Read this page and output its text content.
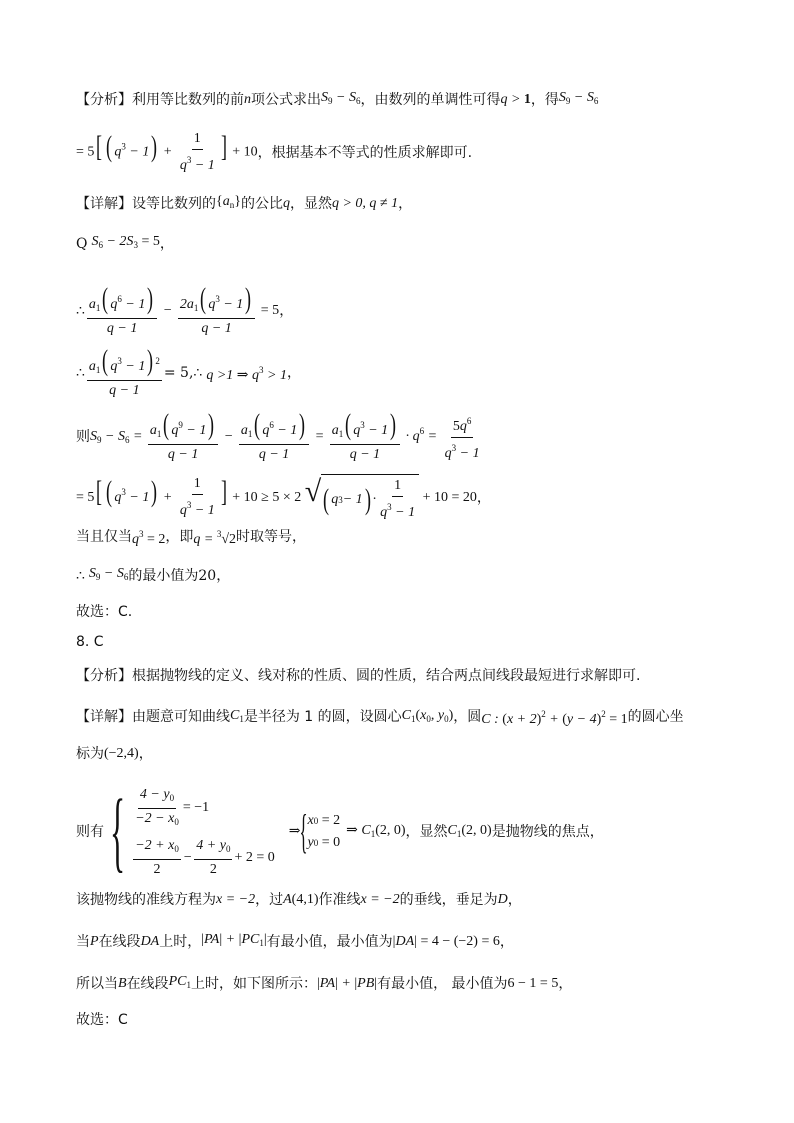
【分析】 利用等比数列的前 n 项公式求出 $S_9 - S_6$ ，由数列的单调性可得 q > 1 ，得 $S_9 - S_6$
= 5[ ( $q^3 - 1) + \frac{1}{q^3 - 1}$ ] + 10 ，根据基本不等式的性质求解即可.
【详解】 设等比数列的 $\{a_n\}$ 的公比 q ，显然 q > 0, q ≠ 1 ，
Q $S_6 - 2S_3 = 5$ ，
∴ $\frac{a_1( q^6 - 1)}{q - 1} - \frac{2a_1( q^3 - 1)}{q - 1} = 5$ ，
∴ $\frac{a_1( q^3 - 1) ^2}{q - 1}$ = 5,∴ q >1 ⇒ $q^3 > 1$ ，
则 $S_9 - S_6 = \frac{a_1( q^9 - 1)}{q - 1} - \frac{a_1( q^6 - 1)}{q - 1} = \frac{a_1( q^3 - 1)}{q - 1} \cdot q^6 = \frac{5q^6}{q^3 - 1}$
= 5[ ( $q^3 - 1) + \frac{1}{q^3 - 1}$ ] + 10 ≥ 5 × 2 √ ( q 3 − 1 ) · $\frac{1}{q^3 - 1} + 10 = 20$ ，
当且仅当 $q^3 = 2$ ，即 q = $^3$√2 时取等号，
∴ $S_9 - S_6$ 的最小值为 20 ，
故选：C.
8. C
【分析】 根据抛物线的定义、线对称的性质、圆的性质，结合两点间线段最短进行求解即可.
【详解】 由题意可知曲线 $C_1$ 是半径为 1 的圆，设圆心 $C_1(x_0$, $y_0$) ，圆 C : $(x + 2)^2 + (y - 4)^2 = 1$ 的圆心坐
标为 (−2,4) ，
则有 { $\frac{4 - y_0}{-2 - x_0} = -1$
$\frac{-2 + x_0}{2} - \frac{4 + y_0}{2} + 2 = 0$
⇒ { x 0
= 2
y 0
= 0
⇒ $C_1(2$, 0) ，显然 $C_1(2$, 0) 是抛物线的焦点，
该抛物线的准线方程为 x = −2 ，过 A(4,1) 作准线 x = −2 的垂线，垂足为 D ，
当 P 在线段 DA 上时， $|PA| + |PC_1|$ 有最小值，最小值为 |DA| = 4 − (−2) = 6 ，
所以当 B 在线段 $PC_1$ 上时，如下图所示： |PA| + |PB| 有最小值， 最小值为 6 − 1 = 5 ，
故选：C
